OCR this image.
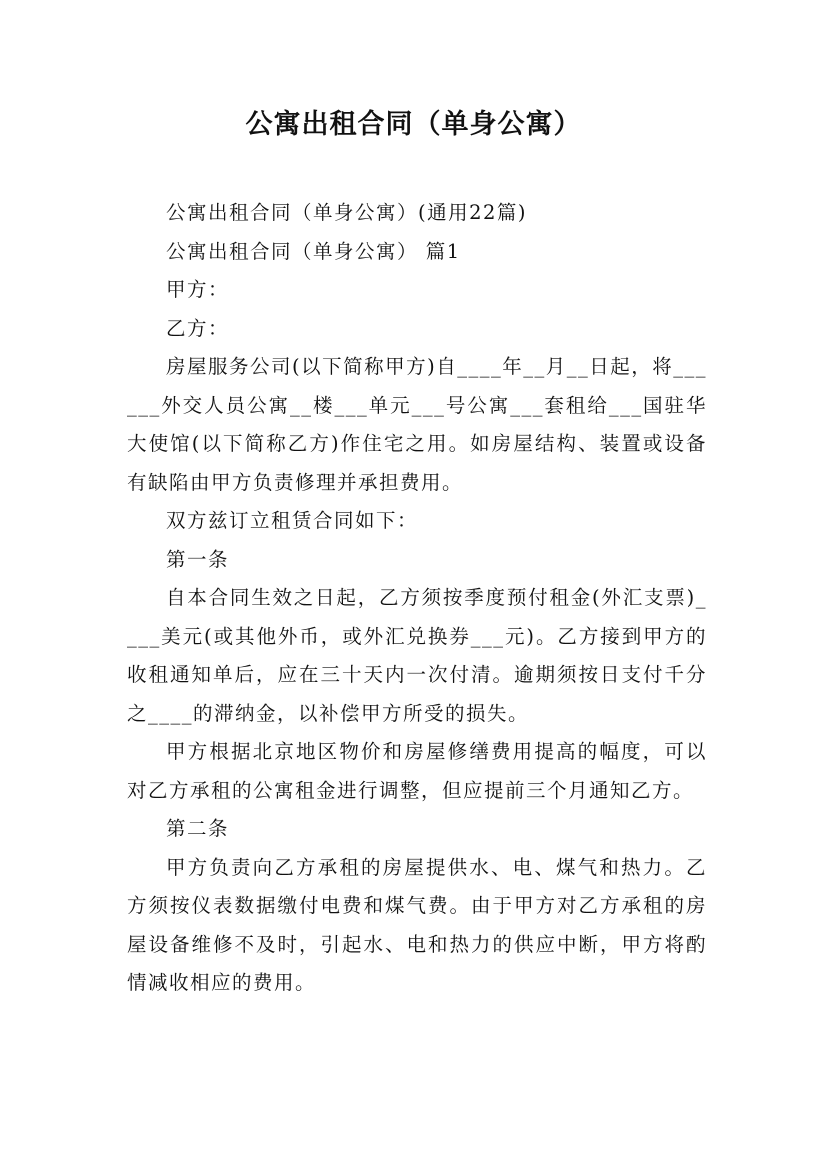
公寓出租合同（单身公寓）

公寓出租合同（单身公寓）(通用22篇)

公寓出租合同（单身公寓） 篇1

甲方：

乙方：

房屋服务公司(以下简称甲方)自____年__月__日起，将______外交人员公寓__楼___单元___号公寓___套租给___国驻华大使馆(以下简称乙方)作住宅之用。如房屋结构、装置或设备有缺陷由甲方负责修理并承担费用。

双方兹订立租赁合同如下：

第一条

自本合同生效之日起，乙方须按季度预付租金(外汇支票)____美元(或其他外币，或外汇兑换券___元)。乙方接到甲方的收租通知单后，应在三十天内一次付清。逾期须按日支付千分之____的滞纳金，以补偿甲方所受的损失。

甲方根据北京地区物价和房屋修缮费用提高的幅度，可以对乙方承租的公寓租金进行调整，但应提前三个月通知乙方。

第二条

甲方负责向乙方承租的房屋提供水、电、煤气和热力。乙方须按仪表数据缴付电费和煤气费。由于甲方对乙方承租的房屋设备维修不及时，引起水、电和热力的供应中断，甲方将酌情减收相应的费用。
